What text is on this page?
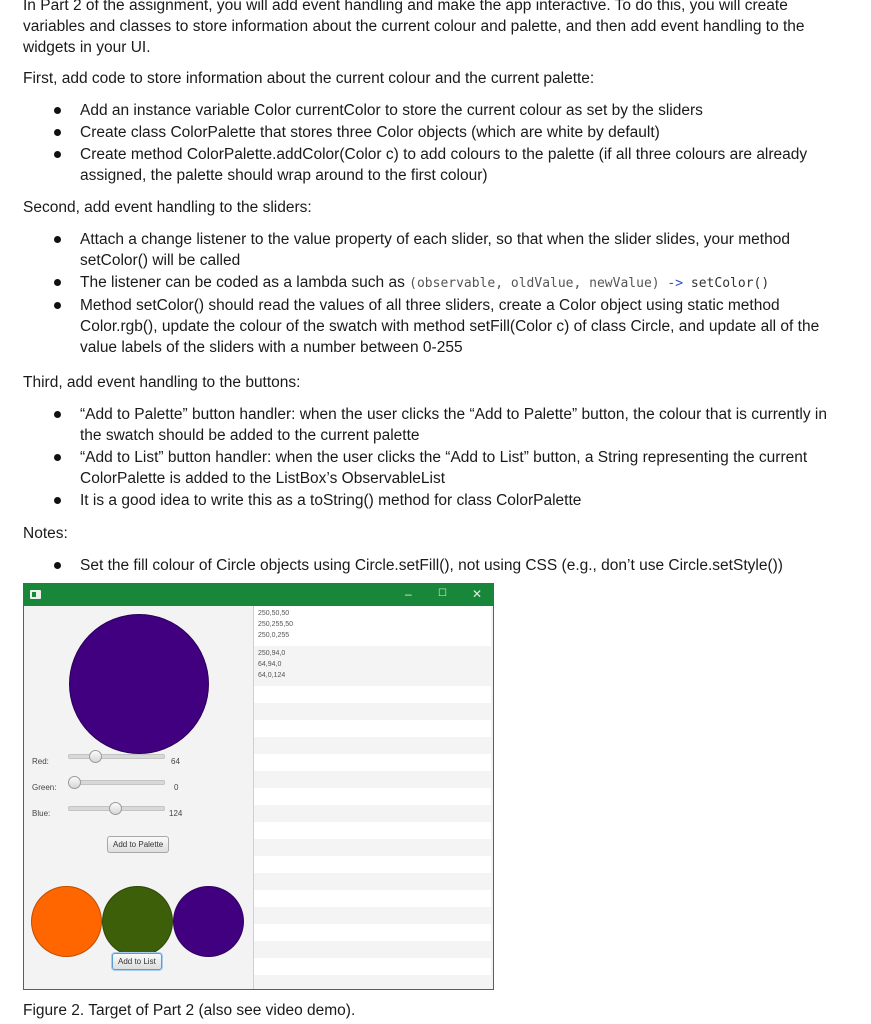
In Part 2 of the assignment, you will add event handling and make the app interactive. To do this, you will create

variables and classes to store information about the current colour and palette, and then add event handling to the

widgets in your UI.

First, add code to store information about the current colour and the current palette:

Add an instance variable Color currentColor to store the current colour as set by the sliders
Create class ColorPalette that stores three Color objects (which are white by default)
Create method ColorPalette.addColor(Color c) to add colours to the palette (if all three colours are already assigned, the palette should wrap around to the first colour)

Second, add event handling to the sliders:

Attach a change listener to the value property of each slider, so that when the slider slides, your method setColor() will be called
The listener can be coded as a lambda such as (observable, oldValue, newValue) -> setColor()
Method setColor() should read the values of all three sliders, create a Color object using static method Color.rgb(), update the colour of the swatch with method setFill(Color c) of class Circle, and update all of the value labels of the sliders with a number between 0-255

Third, add event handling to the buttons:

“Add to Palette” button handler: when the user clicks the “Add to Palette” button, the colour that is currently in
the swatch should be added to the current palette
“Add to List” button handler: when the user clicks the “Add to List” button, a String representing the current ColorPalette is added to the ListBox’s ObservableList
It is a good idea to write this as a toString() method for class ColorPalette

Notes:

Set the fill colour of Circle objects using Circle.setFill(), not using CSS (e.g., don’t use Circle.setStyle())
–	☐ ✕
Red:	64
Green:	0
Blue:	124
Add to Palette
Add to List
250,50,50
250,255,50
250,0,255
250,94,0
64,94,0
64,0,124

Figure 2. Target of Part 2 (also see video demo).
